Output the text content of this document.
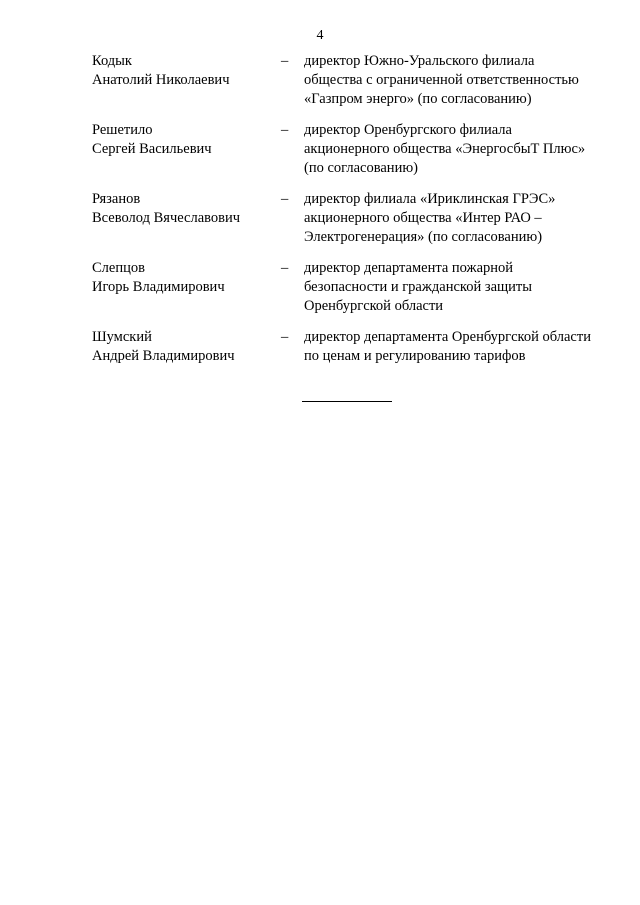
4
Кодык
Анатолий Николаевич
– директор Южно-Уральского филиала
общества с ограниченной ответственностью
«Газпром энерго» (по согласованию)
Решетило
Сергей Васильевич
– директор Оренбургского филиала
акционерного общества «ЭнергосбыТ Плюс»
(по согласованию)
Рязанов
Всеволод Вячеславович
– директор филиала «Ириклинская ГРЭС»
акционерного общества «Интер РАО –
Электрогенерация» (по согласованию)
Слепцов
Игорь Владимирович
– директор департамента пожарной
безопасности и гражданской защиты
Оренбургской области
Шумский
Андрей Владимирович
– директор департамента Оренбургской области
по ценам и регулированию тарифов
